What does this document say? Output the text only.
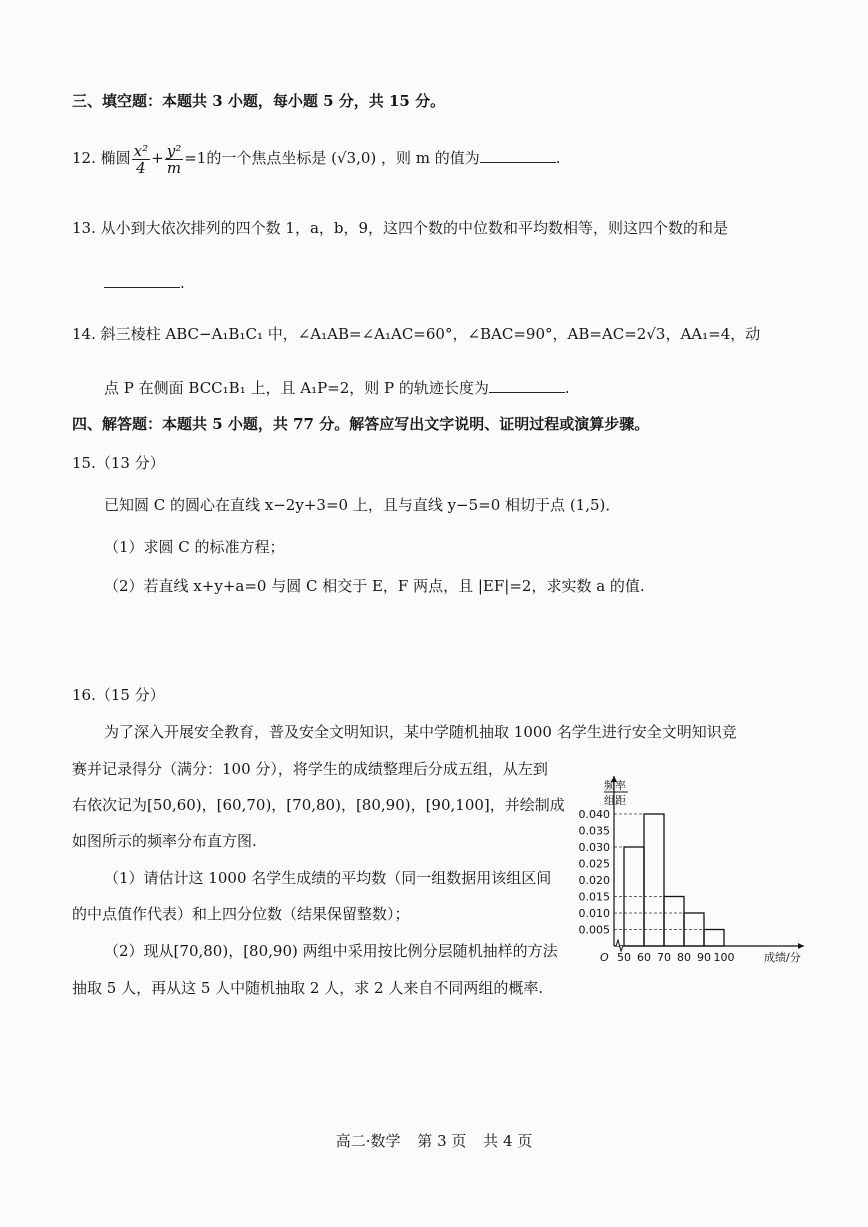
三、填空题：本题共 3 小题，每小题 5 分，共 15 分。
12. 椭圆 $\frac{\text{x²}}{4} + \frac{\text{y²}}{m} =1$的一个焦点坐标是 (√3,0) ，则 m 的值为	.
13. 从小到大依次排列的四个数 1，a，b，9，这四个数的中位数和平均数相等，则这四个数的和是
.
14. 斜三棱柱 ABC−A₁B₁C₁ 中，∠A₁AB=∠A₁AC=60°，∠BAC=90°，AB=AC=2√3，AA₁=4，动
点 P 在侧面 BCC₁B₁ 上，且 A₁P=2，则 P 的轨迹长度为	.
四、解答题：本题共 5 小题，共 77 分。解答应写出文字说明、证明过程或演算步骤。
15.（13 分）
已知圆 C 的圆心在直线 x−2y+3=0 上，且与直线 y−5=0 相切于点 (1,5)．
（1）求圆 C 的标准方程；
（2）若直线 x+y+a=0 与圆 C 相交于 E，F 两点，且 |EF|=2，求实数 a 的值.
16.（15 分）
为了深入开展安全教育，普及安全文明知识，某中学随机抽取 1000 名学生进行安全文明知识竞
赛并记录得分（满分：100 分），将学生的成绩整理后分成五组，从左到
右依次记为[50,60)，[60,70)，[70,80)，[80,90)，[90,100]，并绘制成
如图所示的频率分布直方图.
（1）请估计这 1000 名学生成绩的平均数（同一组数据用该组区间
的中点值作代表）和上四分位数（结果保留整数）；
（2）现从[70,80)，[80,90) 两组中采用按比例分层随机抽样的方法
抽取 5 人，再从这 5 人中随机抽取 2 人，求 2 人来自不同两组的概率.
0.005
0.010
0.015
0.020
0.025
0.030
0.035
0.040
50 60 70 80 90 100
O	成绩/分
频率
组距
高二·数学 第 3 页 共 4 页
